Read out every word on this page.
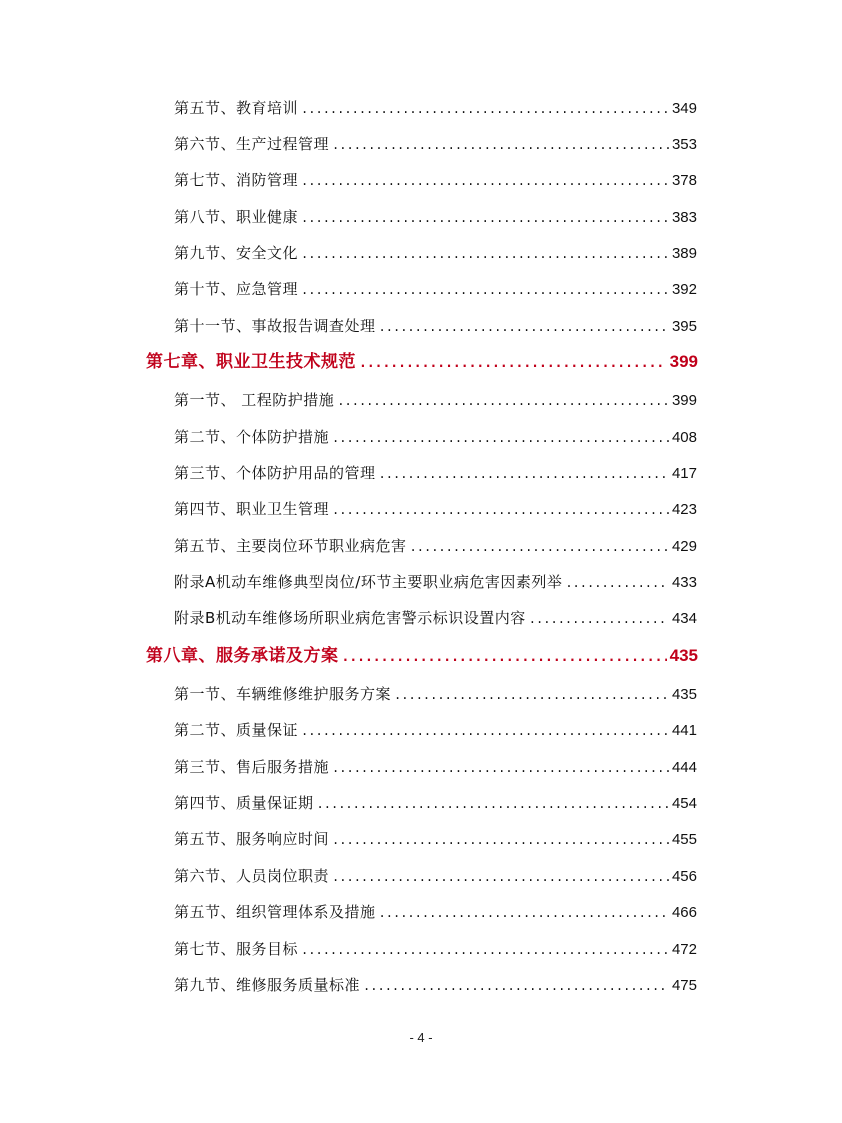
第五节、教育培训 .....	349
第六节、生产过程管理 .....	353
第七节、消防管理 .....	378
第八节、职业健康 .....	383
第九节、安全文化 .....	389
第十节、应急管理 .....	392
第十一节、事故报告调查处理 .....	395
第七章、职业卫生技术规范 .....	399
第一节、 工程防护措施 .....	399
第二节、个体防护措施 .....	408
第三节、个体防护用品的管理 .....	417
第四节、职业卫生管理 .....	423
第五节、主要岗位环节职业病危害 .....	429
附录A机动车维修典型岗位/环节主要职业病危害因素列举 .....	433
附录B机动车维修场所职业病危害警示标识设置内容 .....	434
第八章、服务承诺及方案 .....	435
第一节、车辆维修维护服务方案 .....	435
第二节、质量保证 .....	441
第三节、售后服务措施 .....	444
第四节、质量保证期 .....	454
第五节、服务响应时间 .....	455
第六节、人员岗位职责 .....	456
第五节、组织管理体系及措施 .....	466
第七节、服务目标 .....	472
第九节、维修服务质量标准 .....	475
- 4 -
